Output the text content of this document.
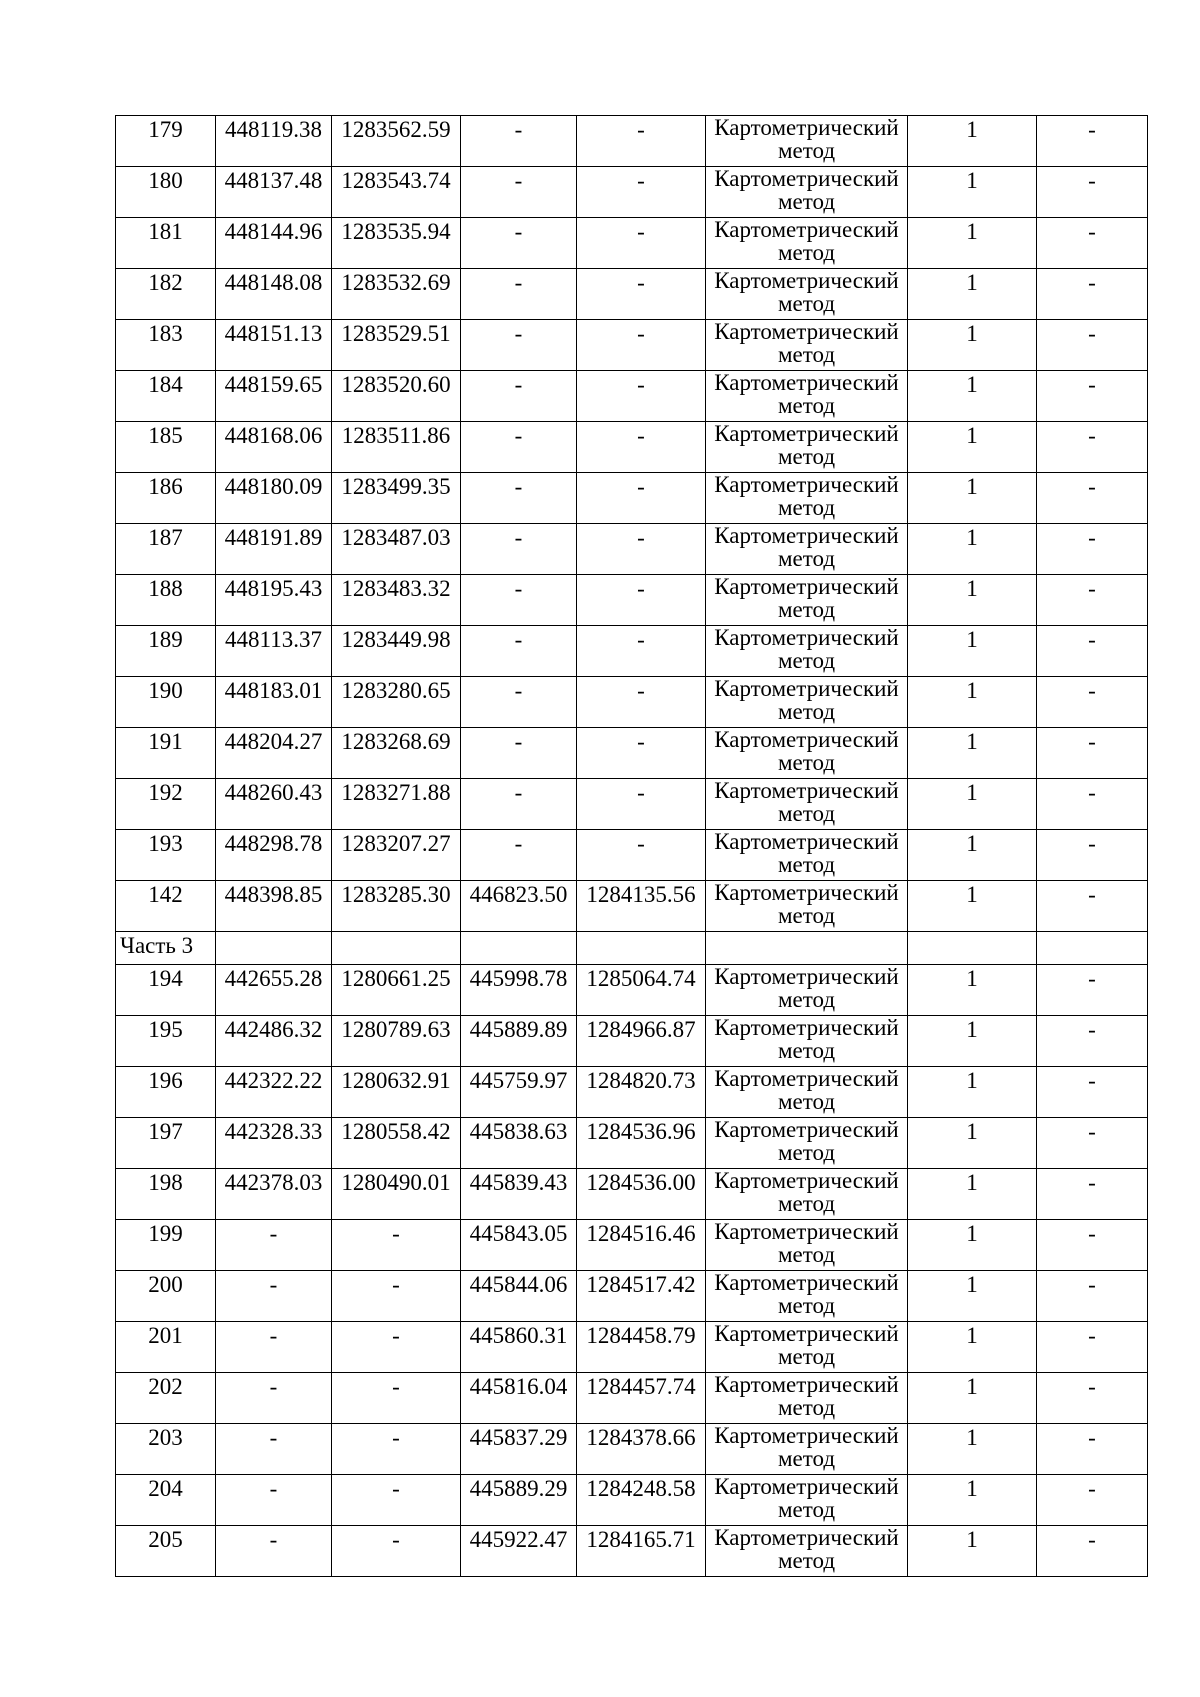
179	448119.38	1283562.59	-	-	Картометрический метод	1	-

180	448137.48	1283543.74	-	-	Картометрический метод	1	-

181	448144.96	1283535.94	-	-	Картометрический метод	1	-

182	448148.08	1283532.69	-	-	Картометрический метод	1	-

183	448151.13	1283529.51	-	-	Картометрический метод	1	-

184	448159.65	1283520.60	-	-	Картометрический метод	1	-

185	448168.06	1283511.86	-	-	Картометрический метод	1	-

186	448180.09	1283499.35	-	-	Картометрический метод	1	-

187	448191.89	1283487.03	-	-	Картометрический метод	1	-

188	448195.43	1283483.32	-	-	Картометрический метод	1	-

189	448113.37	1283449.98	-	-	Картометрический метод	1	-

190	448183.01	1283280.65	-	-	Картометрический метод	1	-

191	448204.27	1283268.69	-	-	Картометрический метод	1	-

192	448260.43	1283271.88	-	-	Картометрический метод	1	-

193	448298.78	1283207.27	-	-	Картометрический метод	1	-

142	448398.85	1283285.30	446823.50	1284135.56	Картометрический метод	1	-

Часть 3							

194	442655.28	1280661.25	445998.78	1285064.74	Картометрический метод	1	-

195	442486.32	1280789.63	445889.89	1284966.87	Картометрический метод	1	-

196	442322.22	1280632.91	445759.97	1284820.73	Картометрический метод	1	-

197	442328.33	1280558.42	445838.63	1284536.96	Картометрический метод	1	-

198	442378.03	1280490.01	445839.43	1284536.00	Картометрический метод	1	-

199	-	-	445843.05	1284516.46	Картометрический метод	1	-

200	-	-	445844.06	1284517.42	Картометрический метод	1	-

201	-	-	445860.31	1284458.79	Картометрический метод	1	-

202	-	-	445816.04	1284457.74	Картометрический метод	1	-

203	-	-	445837.29	1284378.66	Картометрический метод	1	-

204	-	-	445889.29	1284248.58	Картометрический метод	1	-

205	-	-	445922.47	1284165.71	Картометрический метод	1	-
